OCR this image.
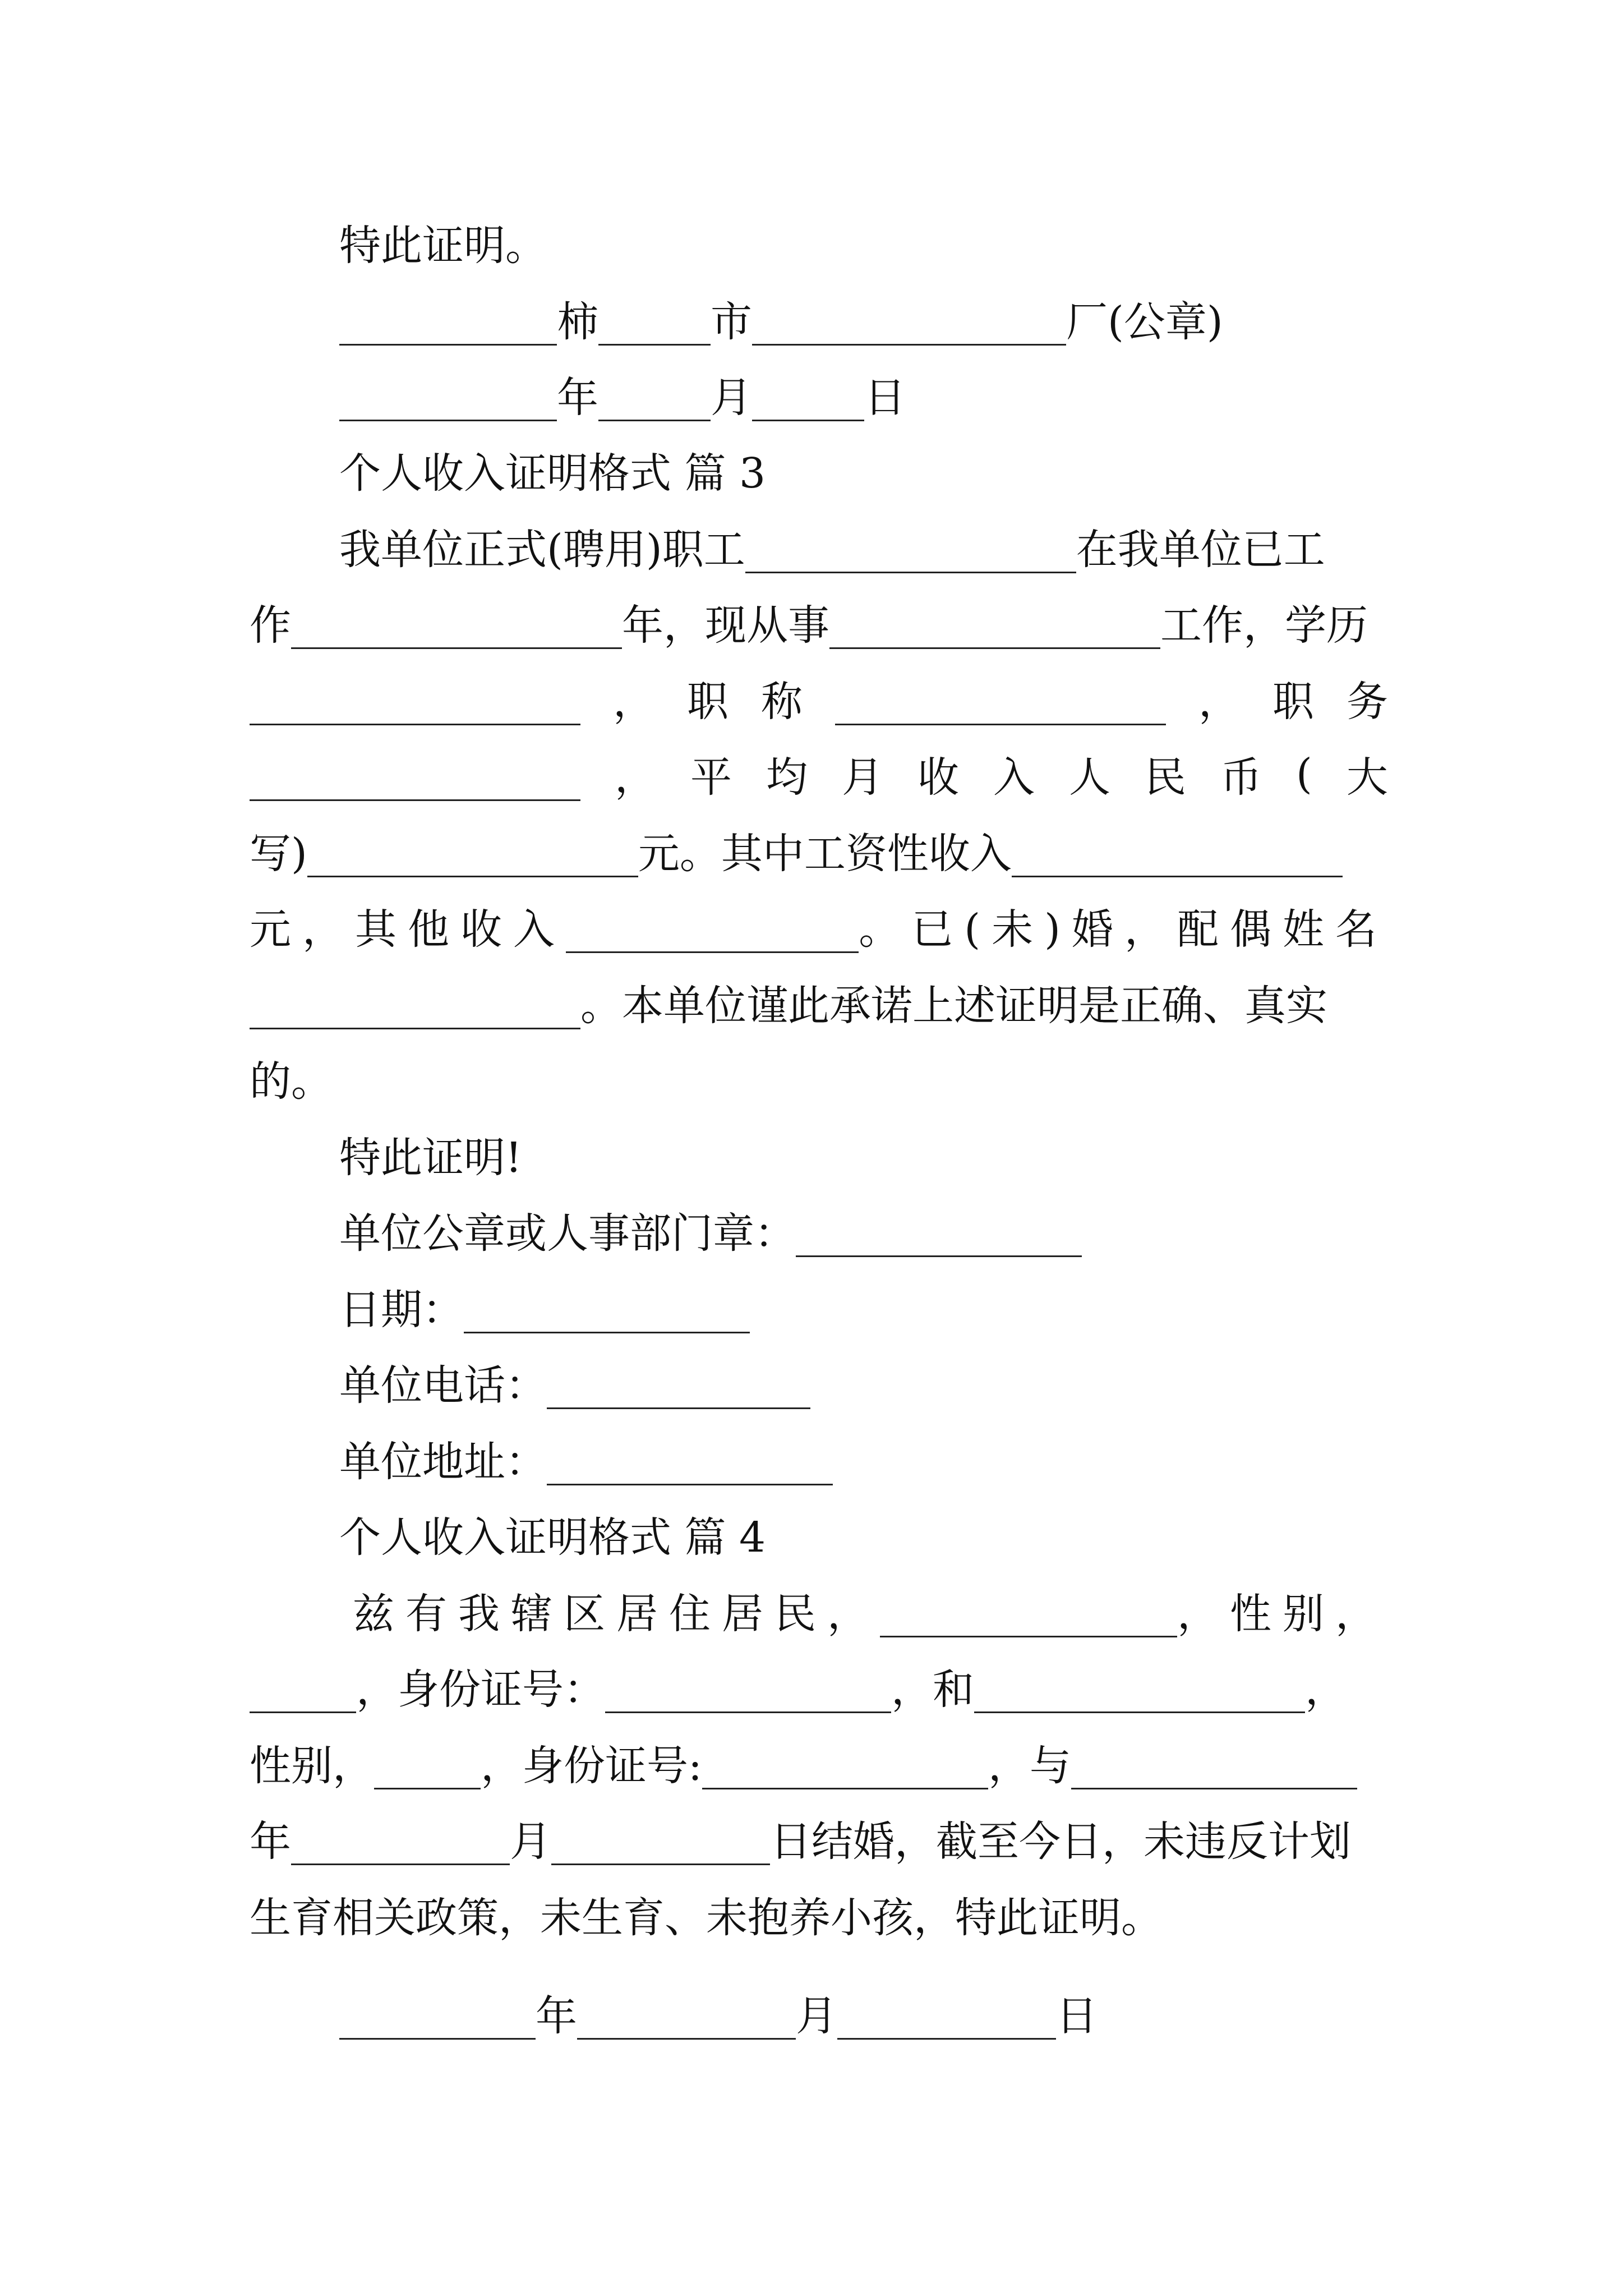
特此证明。
柿	市	厂(公章)
年	月	日
个人收入证明格式 篇 3
我单位正式(聘用)职工	在我单位已工
作	年，现从事	工作，学历
， 职 称	， 职 务
， 平 均 月 收 入 人 民 币 ( 大
写)	元。其中工资性收入
元，其他收入	。已(未)婚，配偶姓名
。本单位谨此承诺上述证明是正确、真实
的。
特此证明!
单位公章或人事部门章：
日期：
单位电话：
单位地址：
个人收入证明格式 篇 4
兹有我辖区居住居民，	，性别，
，身份证号：	，和	，
性别，	，身份证号:	，与
年	月	日结婚，截至今日，未违反计划
生育相关政策，未生育、未抱养小孩，特此证明。
年	月	日
